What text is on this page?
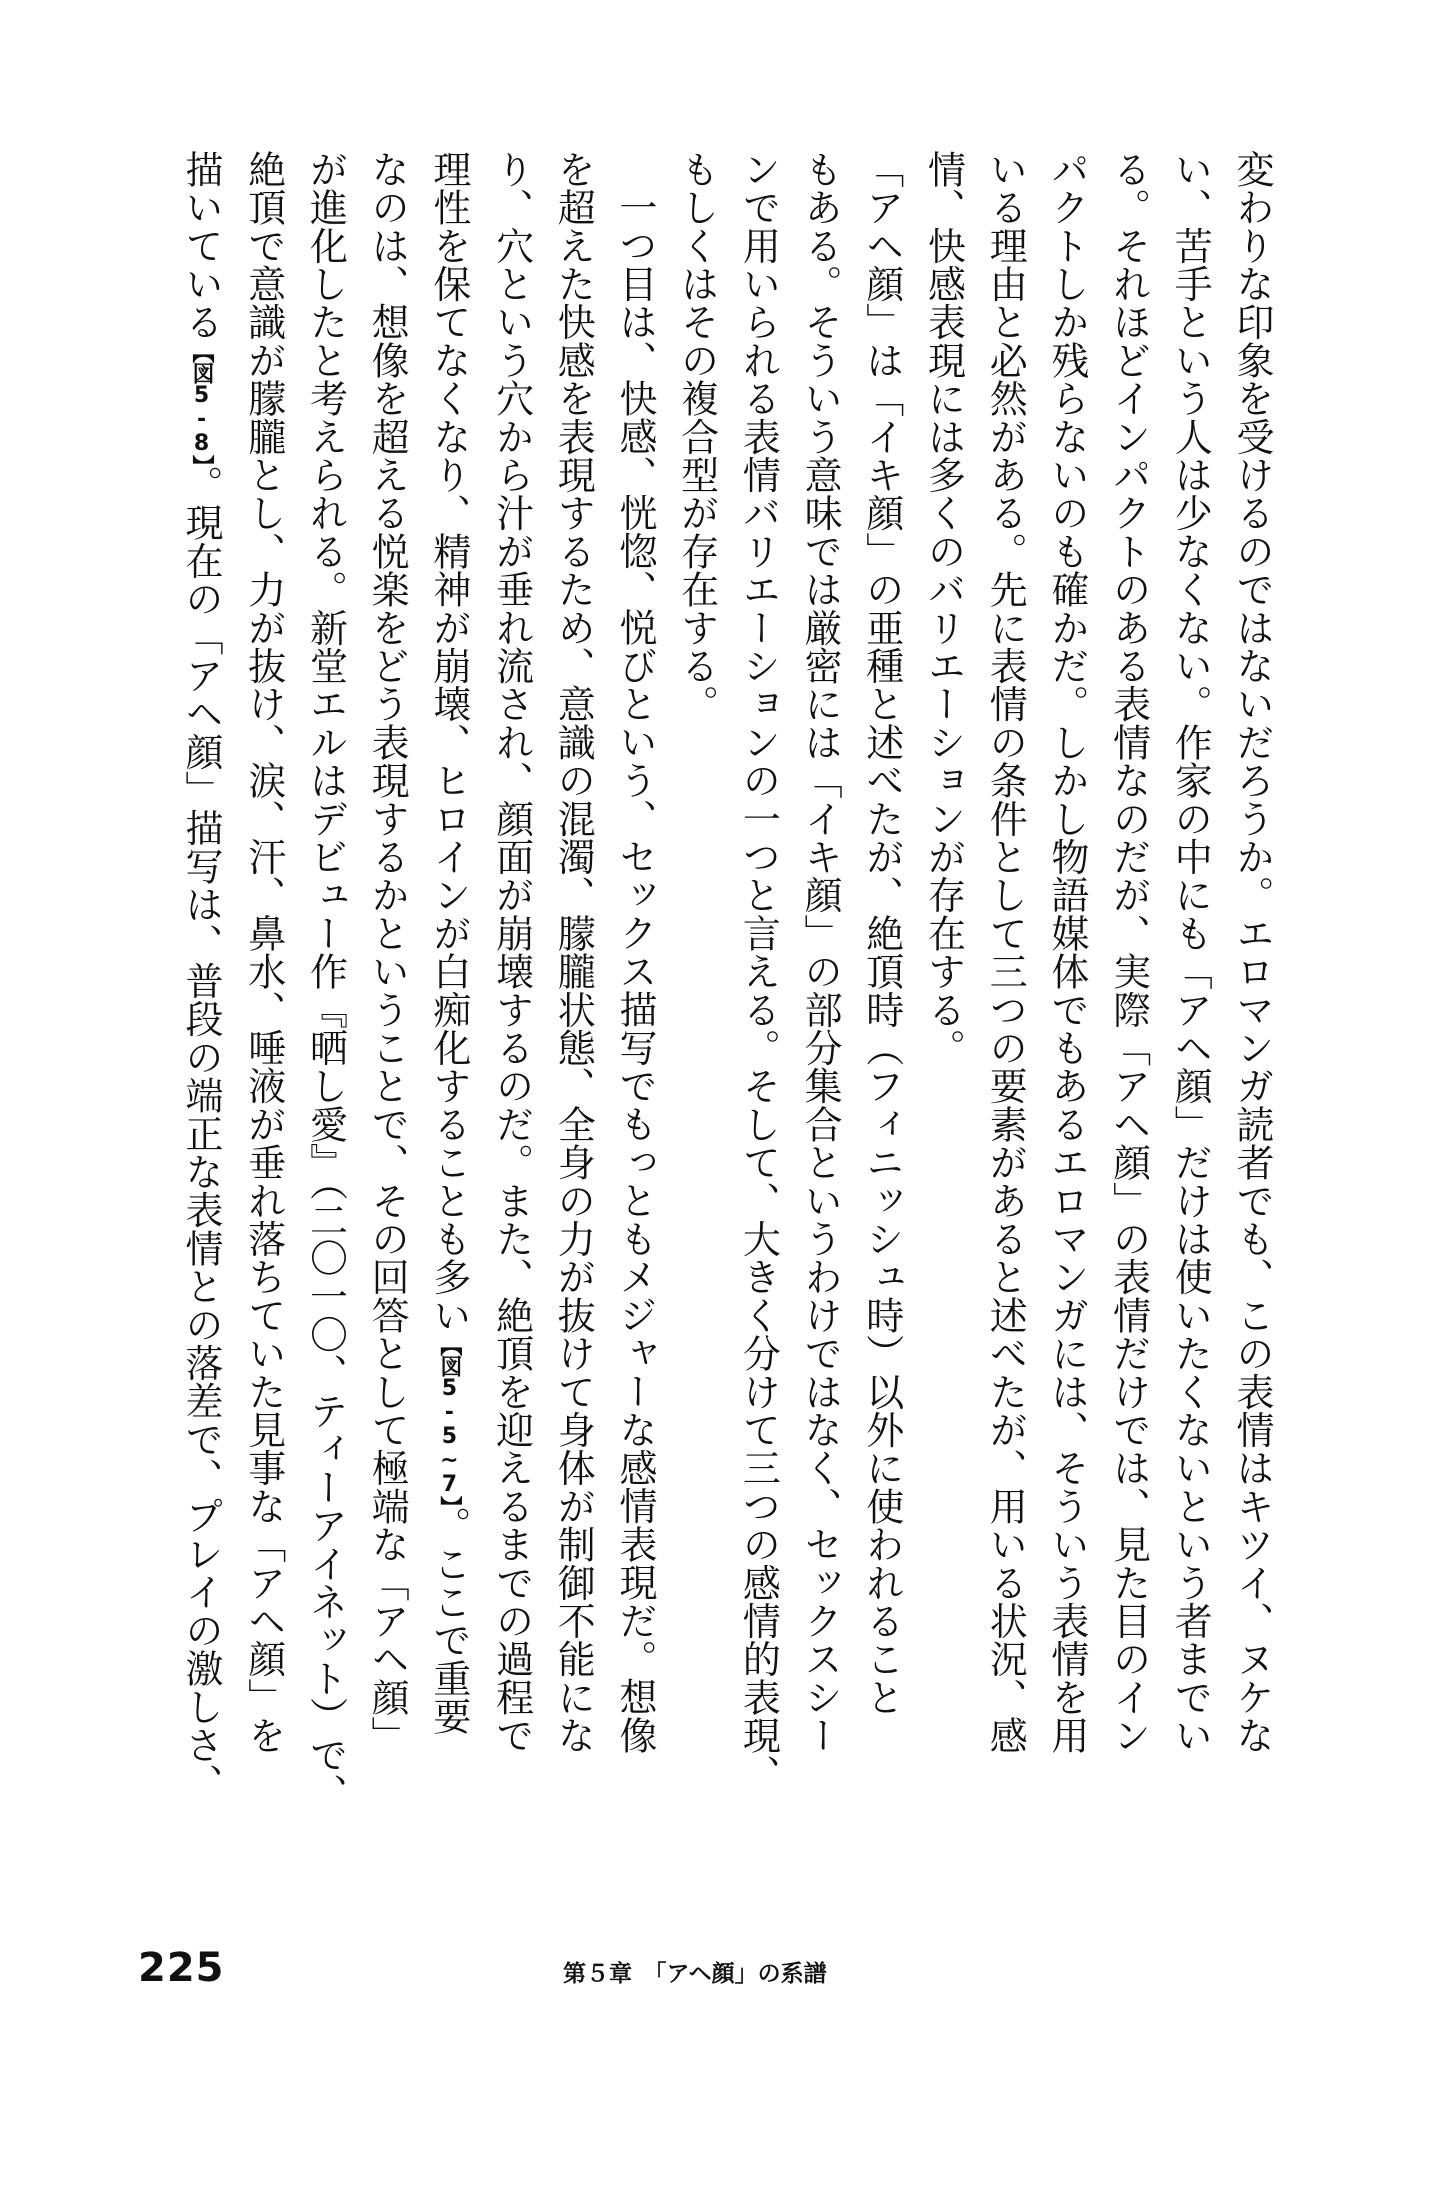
変わりな印象を受けるのではないだろうか。エロマンガ読者でも、この表情はキツイ、ヌケな
い、苦手という人は少なくない。作家の中にも「アヘ顔」だけは使いたくないという者までい
る。それほどインパクトのある表情なのだが、実際「アヘ顔」の表情だけでは、見た目のイン
パクトしか残らないのも確かだ。しかし物語媒体でもあるエロマンガには、そういう表情を用
いる理由と必然がある。先に表情の条件として三つの要素があると述べたが、用いる状況、感
情、快感表現には多くのバリエーションが存在する。
「アヘ顔」は「イキ顔」の亜種と述べたが、絶頂時（フィニッシュ時）以外に使われること
もある。そういう意味では厳密には「イキ顔」の部分集合というわけではなく、セックスシー
ンで用いられる表情バリエーションの一つと言える。そして、大きく分けて三つの感情的表現、
もしくはその複合型が存在する。
一つ目は、快感、恍惚、悦びという、セックス描写でもっともメジャーな感情表現だ。想像
を超えた快感を表現するため、意識の混濁、朦朧状態、全身の力が抜けて身体が制御不能にな
り、穴という穴から汁が垂れ流され、顔面が崩壊するのだ。また、絶頂を迎えるまでの過程で
理性を保てなくなり、精神が崩壊、ヒロインが白痴化することも多い【図5-5~7】。ここで重要
なのは、想像を超える悦楽をどう表現するかということで、その回答として極端な「アヘ顔」
が進化したと考えられる。新堂エルはデビュー作『晒し愛』（二〇一〇、ティーアイネット）で、
絶頂で意識が朦朧とし、力が抜け、涙、汗、鼻水、唾液が垂れ落ちていた見事な「アヘ顔」を
描いている【図5-8】。現在の「アヘ顔」描写は、普段の端正な表情との落差で、プレイの激しさ、
225	第５章　「アヘ顔」の系譜
